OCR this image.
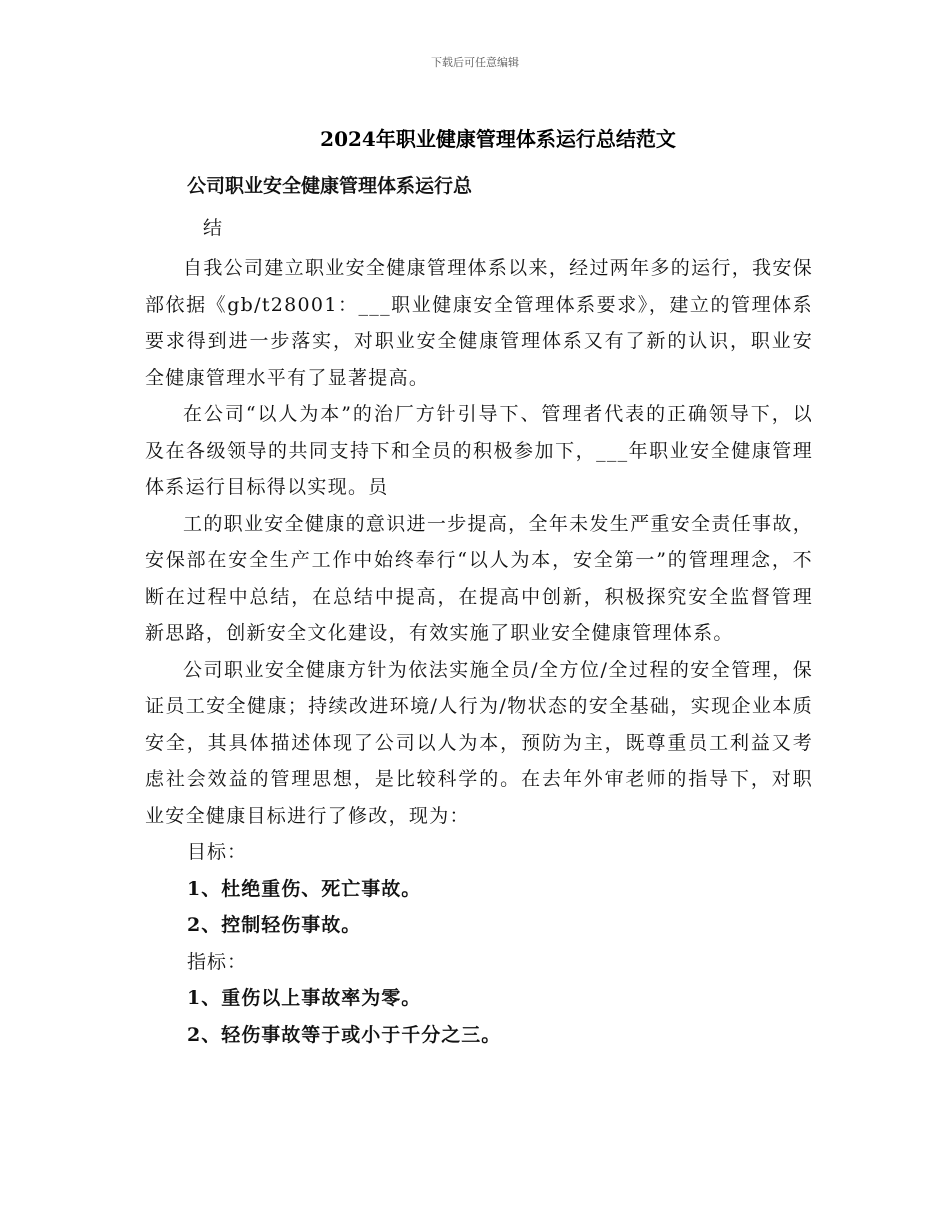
下载后可任意编辑
2024年职业健康管理体系运行总结范文

公司职业安全健康管理体系运行总

结

自我公司建立职业安全健康管理体系以来，经过两年多的运行，我安保部依据《gb/t28001：___职业健康安全管理体系要求》，建立的管理体系要求得到进一步落实，对职业安全健康管理体系又有了新的认识，职业安全健康管理水平有了显著提高。

在公司“以人为本”的治厂方针引导下、管理者代表的正确领导下，以及在各级领导的共同支持下和全员的积极参加下，___年职业安全健康管理体系运行目标得以实现。员

工的职业安全健康的意识进一步提高，全年未发生严重安全责任事故，安保部在安全生产工作中始终奉行“以人为本，安全第一”的管理理念，不断在过程中总结，在总结中提高，在提高中创新，积极探究安全监督管理新思路，创新安全文化建设，有效实施了职业安全健康管理体系。

公司职业安全健康方针为依法实施全员/全方位/全过程的安全管理，保证员工安全健康；持续改进环境/人行为/物状态的安全基础，实现企业本质安全，其具体描述体现了公司以人为本，预防为主，既尊重员工利益又考虑社会效益的管理思想，是比较科学的。在去年外审老师的指导下，对职业安全健康目标进行了修改，现为：

目标：

1、杜绝重伤、死亡事故。

2、控制轻伤事故。

指标：

1、重伤以上事故率为零。

2、轻伤事故等于或小于千分之三。
